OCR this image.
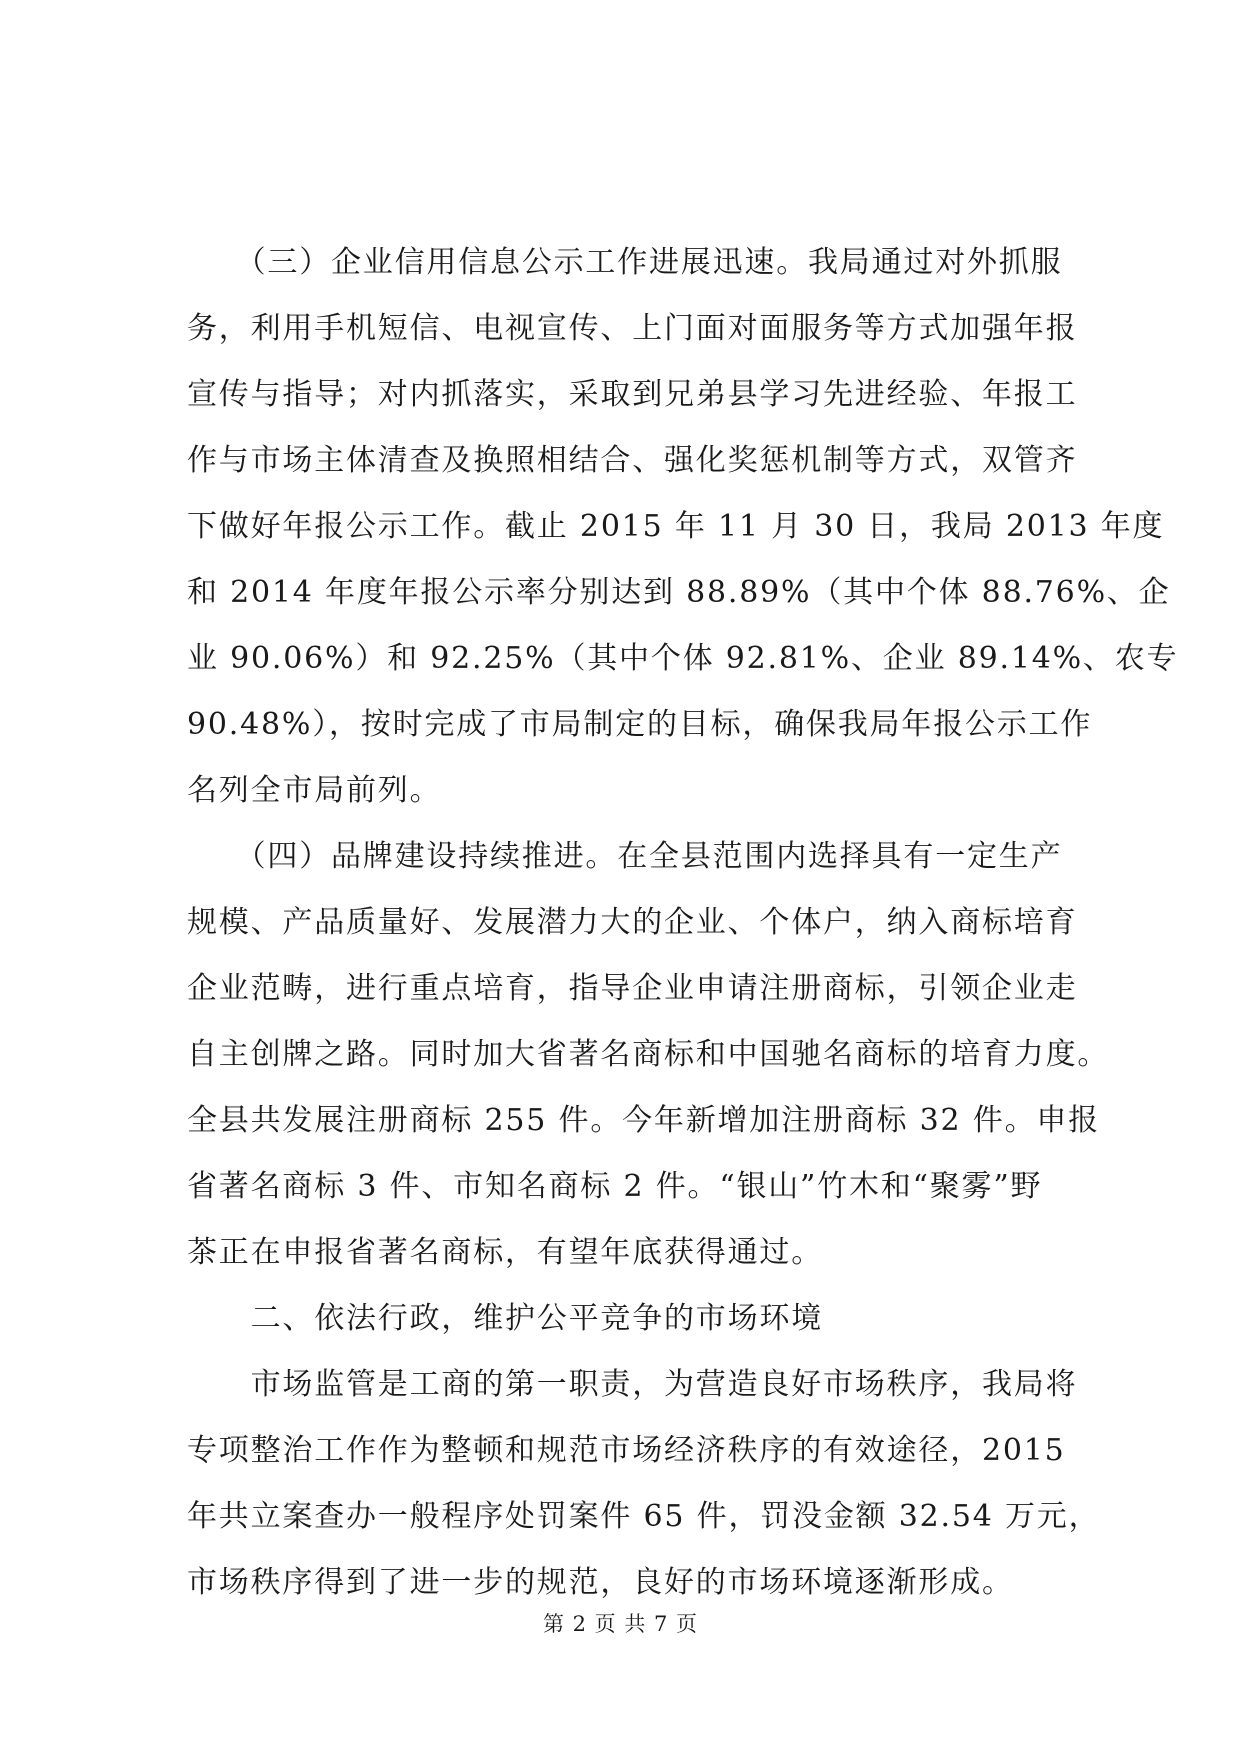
　　（三）企业信用信息公示工作进展迅速。我局通过对外抓服
务，利用手机短信、电视宣传、上门面对面服务等方式加强年报
宣传与指导；对内抓落实，采取到兄弟县学习先进经验、年报工
作与市场主体清查及换照相结合、强化奖惩机制等方式，双管齐
下做好年报公示工作。截止 2015 年 11 月 30 日，我局 2013 年度
和 2014 年度年报公示率分别达到 88.89%（其中个体 88.76%、企
业 90.06%）和 92.25%（其中个体 92.81%、企业 89.14%、农专
90.48%），按时完成了市局制定的目标，确保我局年报公示工作
名列全市局前列。
　　（四）品牌建设持续推进。在全县范围内选择具有一定生产
规模、产品质量好、发展潜力大的企业、个体户，纳入商标培育
企业范畴，进行重点培育，指导企业申请注册商标，引领企业走
自主创牌之路。同时加大省著名商标和中国驰名商标的培育力度。
全县共发展注册商标 255 件。今年新增加注册商标 32 件。申报
省著名商标 3 件、市知名商标 2 件。“银山”竹木和“聚雾”野
茶正在申报省著名商标，有望年底获得通过。
　　二、依法行政，维护公平竞争的市场环境
　　市场监管是工商的第一职责，为营造良好市场秩序，我局将
专项整治工作作为整顿和规范市场经济秩序的有效途径，2015
年共立案查办一般程序处罚案件 65 件，罚没金额 32.54 万元，
市场秩序得到了进一步的规范，良好的市场环境逐渐形成。
第 2 页 共 7 页
